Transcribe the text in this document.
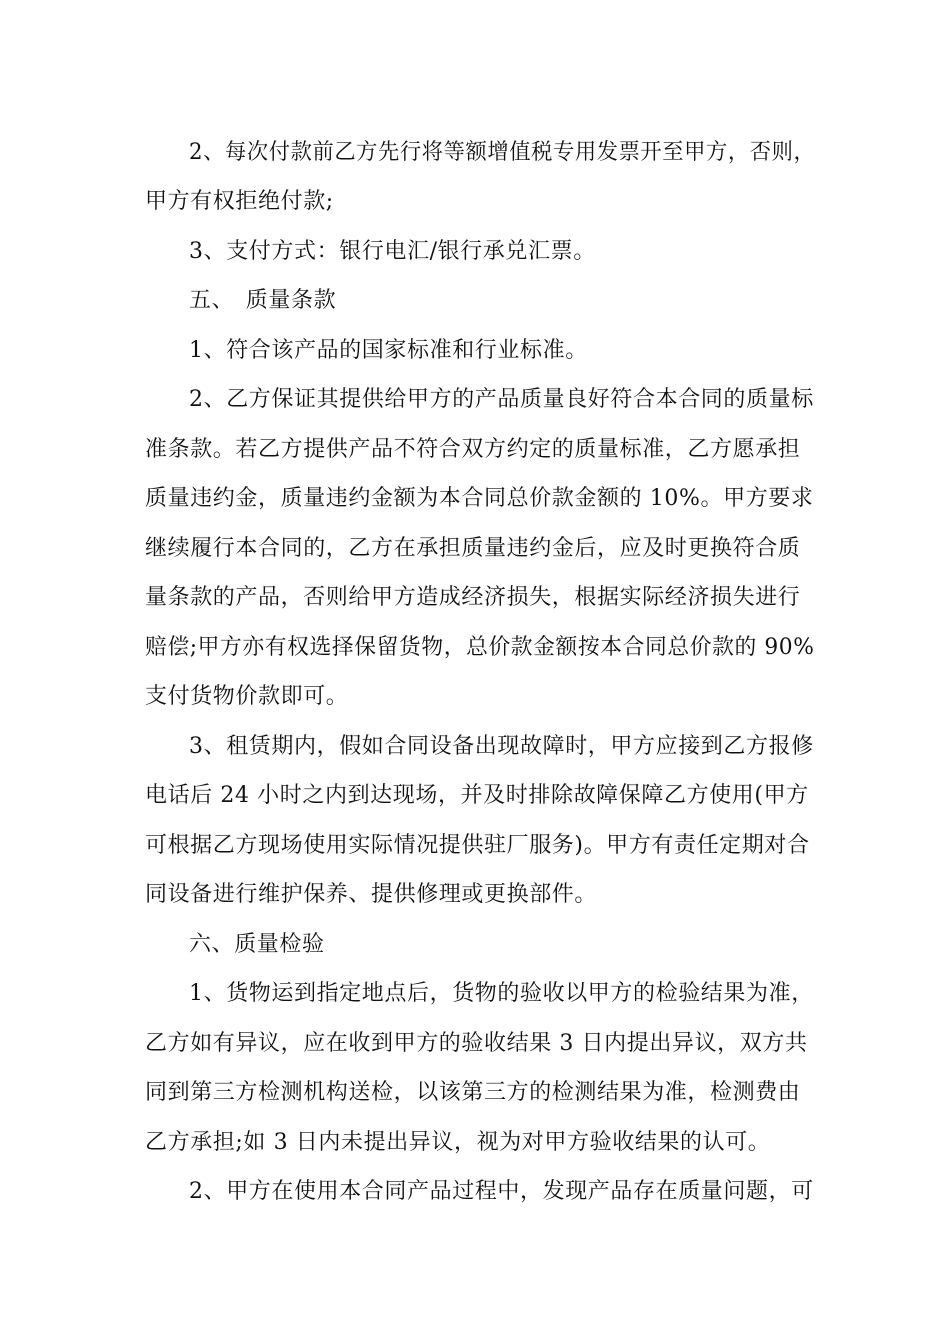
2、每次付款前乙方先行将等额增值税专用发票开至甲方，否则，
甲方有权拒绝付款;
3、支付方式：银行电汇/银行承兑汇票。
五、　质量条款
1、符合该产品的国家标准和行业标准。
2、乙方保证其提供给甲方的产品质量良好符合本合同的质量标
准条款。若乙方提供产品不符合双方约定的质量标准，乙方愿承担
质量违约金，质量违约金额为本合同总价款金额的 10%。甲方要求
继续履行本合同的，乙方在承担质量违约金后，应及时更换符合质
量条款的产品，否则给甲方造成经济损失，根据实际经济损失进行
赔偿;甲方亦有权选择保留货物，总价款金额按本合同总价款的 90%
支付货物价款即可。
3、租赁期内，假如合同设备出现故障时，甲方应接到乙方报修
电话后 24 小时之内到达现场，并及时排除故障保障乙方使用(甲方
可根据乙方现场使用实际情况提供驻厂服务)。甲方有责任定期对合
同设备进行维护保养、提供修理或更换部件。
六、质量检验
1、货物运到指定地点后，货物的验收以甲方的检验结果为准，
乙方如有异议，应在收到甲方的验收结果 3 日内提出异议，双方共
同到第三方检测机构送检，以该第三方的检测结果为准，检测费由
乙方承担;如 3 日内未提出异议，视为对甲方验收结果的认可。
2、甲方在使用本合同产品过程中，发现产品存在质量问题，可
